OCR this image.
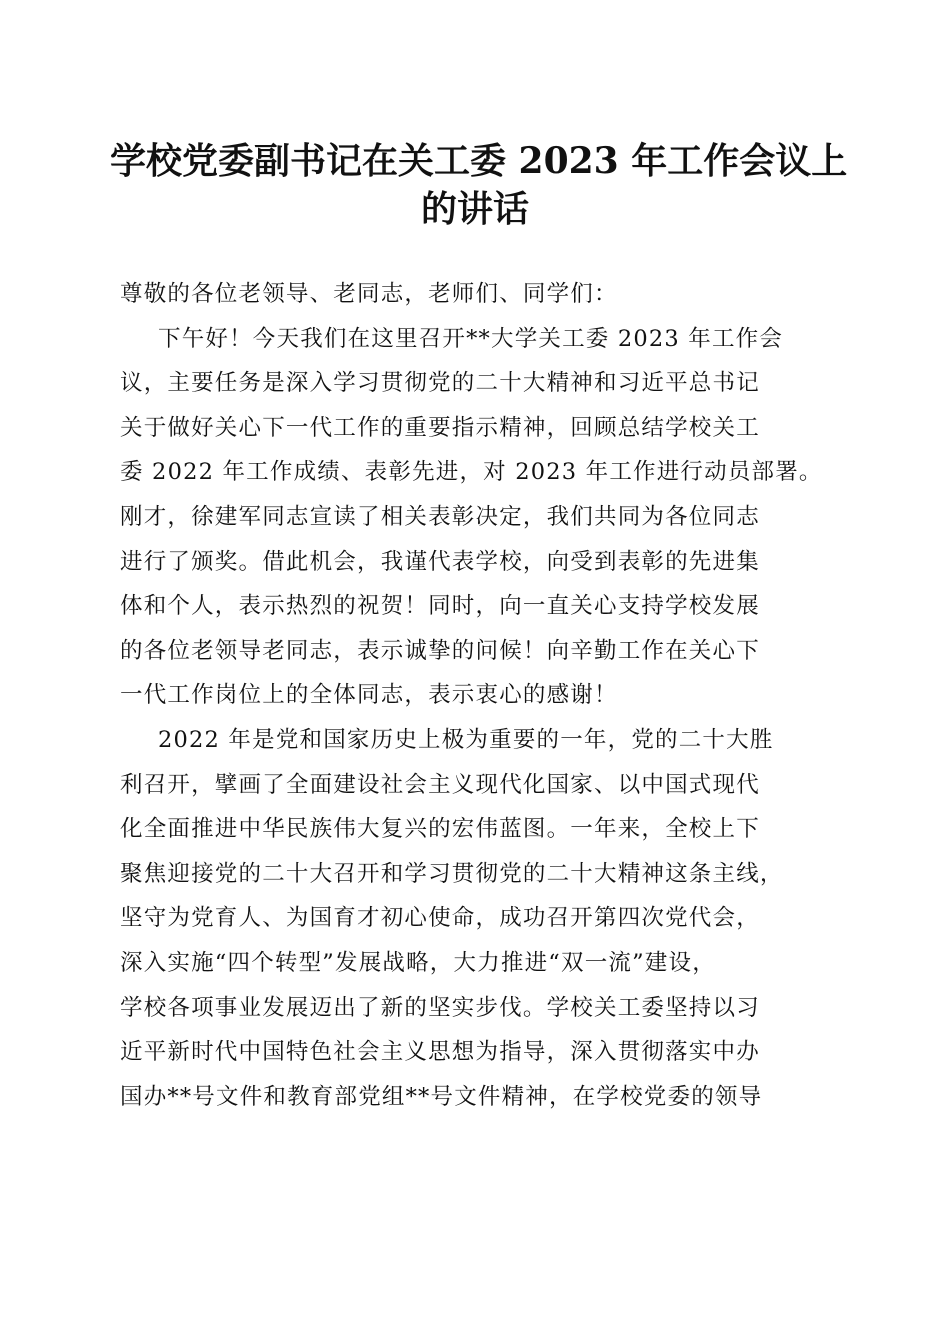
学校党委副书记在关工委 2023 年工作会议上
的讲话
尊敬的各位老领导、老同志，老师们、同学们：
下午好！今天我们在这里召开**大学关工委 2023 年工作会
议，主要任务是深入学习贯彻党的二十大精神和习近平总书记
关于做好关心下一代工作的重要指示精神，回顾总结学校关工
委 2022 年工作成绩、表彰先进，对 2023 年工作进行动员部署。
刚才，徐建军同志宣读了相关表彰决定，我们共同为各位同志
进行了颁奖。借此机会，我谨代表学校，向受到表彰的先进集
体和个人，表示热烈的祝贺！同时，向一直关心支持学校发展
的各位老领导老同志，表示诚挚的问候！向辛勤工作在关心下
一代工作岗位上的全体同志，表示衷心的感谢！
2022 年是党和国家历史上极为重要的一年，党的二十大胜
利召开，擘画了全面建设社会主义现代化国家、以中国式现代
化全面推进中华民族伟大复兴的宏伟蓝图。一年来，全校上下
聚焦迎接党的二十大召开和学习贯彻党的二十大精神这条主线，
坚守为党育人、为国育才初心使命，成功召开第四次党代会，
深入实施“四个转型”发展战略，大力推进“双一流”建设，
学校各项事业发展迈出了新的坚实步伐。学校关工委坚持以习
近平新时代中国特色社会主义思想为指导，深入贯彻落实中办
国办**号文件和教育部党组**号文件精神，在学校党委的领导
